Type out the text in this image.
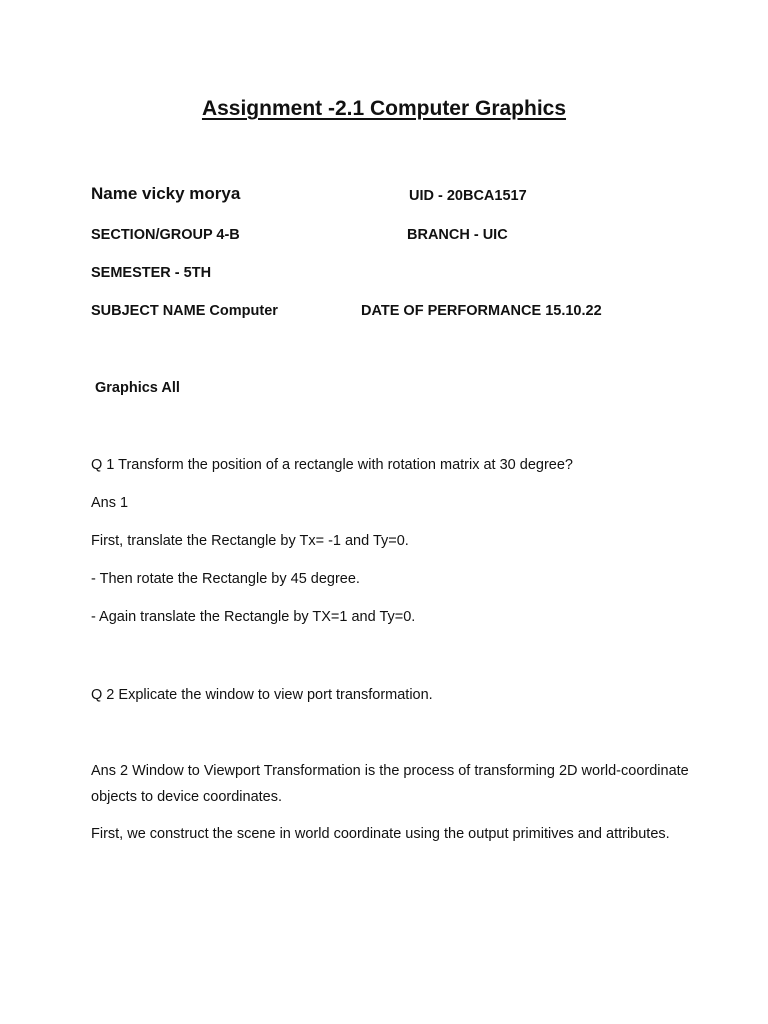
Assignment -2.1 Computer Graphics
Name vicky morya	UID - 20BCA1517
SECTION/GROUP 4-B	BRANCH - UIC
SEMESTER - 5TH
SUBJECT NAME Computer	DATE OF PERFORMANCE 15.10.22
Graphics All
Q 1 Transform the position of a rectangle with rotation matrix at 30 degree?
Ans 1
First, translate the Rectangle by Tx= -1 and Ty=0.
- Then rotate the Rectangle by 45 degree.
- Again translate the Rectangle by TX=1 and Ty=0.
Q 2 Explicate the window to view port transformation.
Ans 2 Window to Viewport Transformation is the process of transforming 2D world-coordinate objects to device coordinates.
First, we construct the scene in world coordinate using the output primitives and attributes.
